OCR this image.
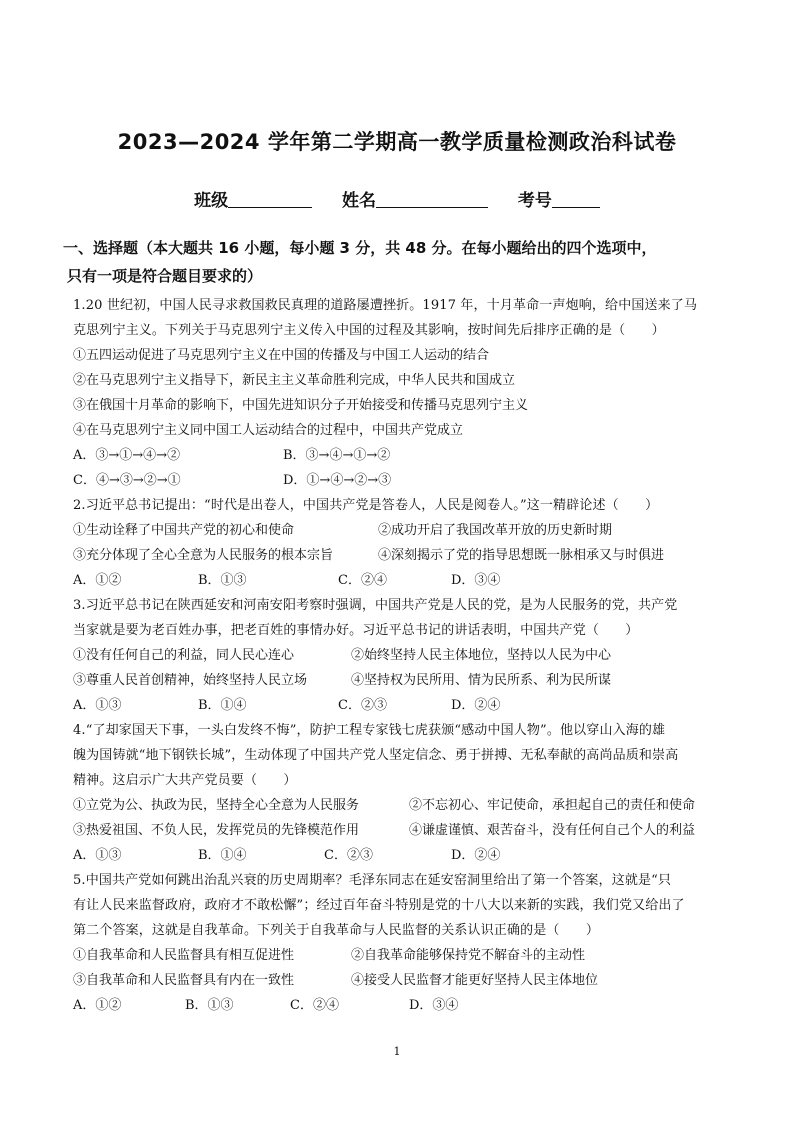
2023—2024 学年第二学期高一教学质量检测政治科试卷
班级	姓名	考号
一、选择题（本大题共 16 小题，每小题 3 分，共 48 分。在每小题给出的四个选项中，
只有一项是符合题目要求的）
1.20 世纪初，中国人民寻求救国救民真理的道路屡遭挫折。1917 年，十月革命一声炮响，给中国送来了马
克思列宁主义。下列关于马克思列宁主义传入中国的过程及其影响，按时间先后排序正确的是（　　）
①五四运动促进了马克思列宁主义在中国的传播及与中国工人运动的结合
②在马克思列宁主义指导下，新民主主义革命胜利完成，中华人民共和国成立
③在俄国十月革命的影响下，中国先进知识分子开始接受和传播马克思列宁主义
④在马克思列宁主义同中国工人运动结合的过程中，中国共产党成立
A．③→①→④→②	B．③→④→①→②
C．④→③→②→①	D．①→④→②→③
2.习近平总书记提出：“时代是出卷人，中国共产党是答卷人，人民是阅卷人。”这一精辟论述（　　）
①生动诠释了中国共产党的初心和使命	②成功开启了我国改革开放的历史新时期
③充分体现了全心全意为人民服务的根本宗旨	④深刻揭示了党的指导思想既一脉相承又与时俱进
A．①②	B．①③	C．②④	D．③④
3.习近平总书记在陕西延安和河南安阳考察时强调，中国共产党是人民的党，是为人民服务的党，共产党
当家就是要为老百姓办事，把老百姓的事情办好。习近平总书记的讲话表明，中国共产党（　　）
①没有任何自己的利益，同人民心连心	②始终坚持人民主体地位，坚持以人民为中心
③尊重人民首创精神，始终坚持人民立场	④坚持权为民所用、情为民所系、利为民所谋
A．①③	B．①④	C．②③	D．②④
4.“了却家国天下事，一头白发终不悔”，防护工程专家钱七虎获颁“感动中国人物”。他以穿山入海的雄
魄为国铸就“地下钢铁长城”，生动体现了中国共产党人坚定信念、勇于拼搏、无私奉献的高尚品质和崇高
精神。这启示广大共产党员要（　　）
①立党为公、执政为民，坚持全心全意为人民服务	②不忘初心、牢记使命，承担起自己的责任和使命
③热爱祖国、不负人民，发挥党员的先锋模范作用	④谦虚谨慎、艰苦奋斗，没有任何自己个人的利益
A．①③	B．①④	C．②③	D．②④
5.中国共产党如何跳出治乱兴衰的历史周期率？毛泽东同志在延安窑洞里给出了第一个答案，这就是“只
有让人民来监督政府，政府才不敢松懈”；经过百年奋斗特别是党的十八大以来新的实践，我们党又给出了
第二个答案，这就是自我革命。下列关于自我革命与人民监督的关系认识正确的是（　　）
①自我革命和人民监督具有相互促进性	②自我革命能够保持党不解奋斗的主动性
③自我革命和人民监督具有内在一致性	④接受人民监督才能更好坚持人民主体地位
A．①②	B．①③	C．②④	D．③④
1
